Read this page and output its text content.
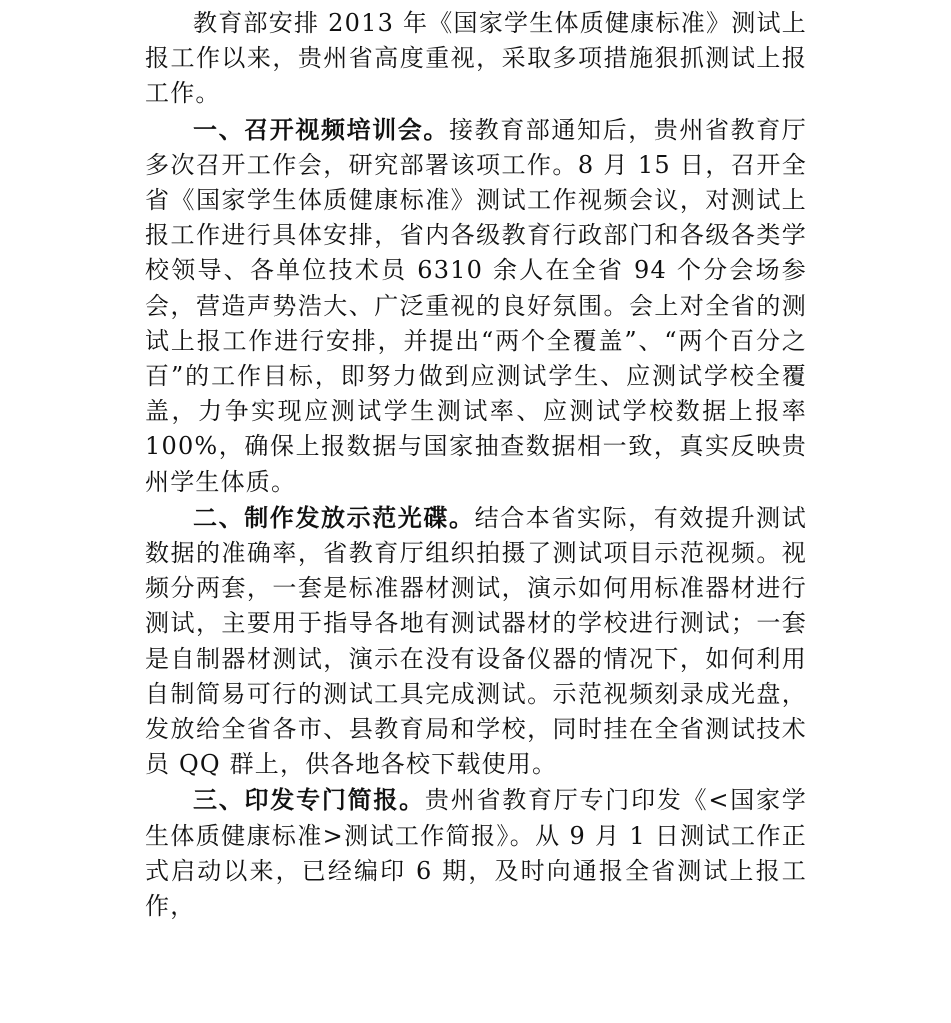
教育部安排 2013 年《国家学生体质健康标准》测试上报工作以来，贵州省高度重视，采取多项措施狠抓测试上报工作。

一、召开视频培训会。接教育部通知后，贵州省教育厅多次召开工作会，研究部署该项工作。8 月 15 日，召开全省《国家学生体质健康标准》测试工作视频会议，对测试上报工作进行具体安排，省内各级教育行政部门和各级各类学校领导、各单位技术员 6310 余人在全省 94 个分会场参会，营造声势浩大、广泛重视的良好氛围。会上对全省的测试上报工作进行安排，并提出“两个全覆盖”、“两个百分之百”的工作目标，即努力做到应测试学生、应测试学校全覆盖，力争实现应测试学生测试率、应测试学校数据上报率 100%，确保上报数据与国家抽查数据相一致，真实反映贵州学生体质。

二、制作发放示范光碟。结合本省实际，有效提升测试数据的准确率，省教育厅组织拍摄了测试项目示范视频。视频分两套，一套是标准器材测试，演示如何用标准器材进行测试，主要用于指导各地有测试器材的学校进行测试；一套是自制器材测试，演示在没有设备仪器的情况下，如何利用自制简易可行的测试工具完成测试。示范视频刻录成光盘，发放给全省各市、县教育局和学校，同时挂在全省测试技术员 QQ 群上，供各地各校下载使用。

三、印发专门简报。贵州省教育厅专门印发《<国家学生体质健康标准>测试工作简报》。从 9 月 1 日测试工作正式启动以来，已经编印 6 期，及时向通报全省测试上报工作，
